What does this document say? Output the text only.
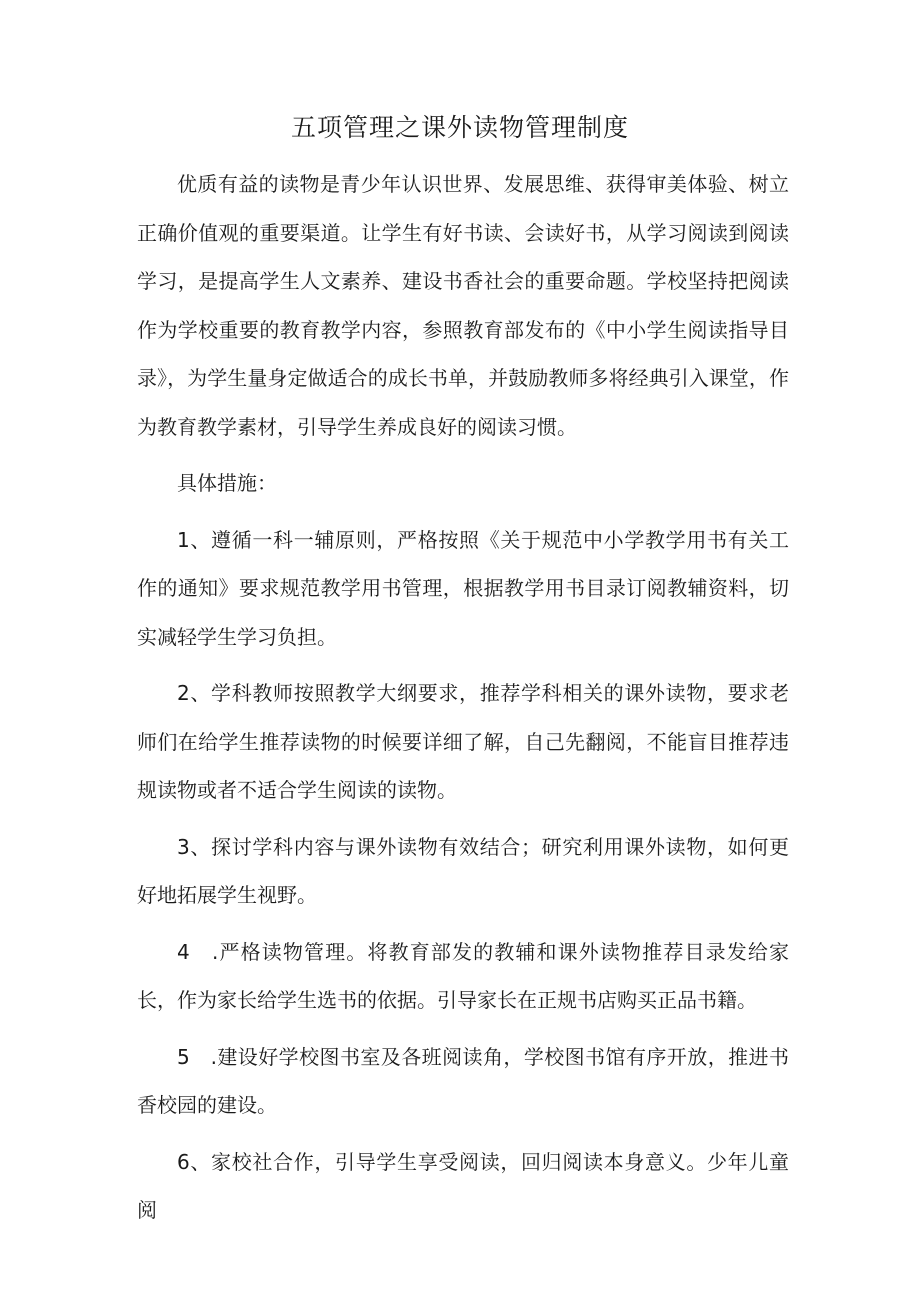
五项管理之课外读物管理制度

优质有益的读物是青少年认识世界、发展思维、获得审美体验、树立正确价值观的重要渠道。让学生有好书读、会读好书，从学习阅读到阅读学习，是提高学生人文素养、建设书香社会的重要命题。学校坚持把阅读作为学校重要的教育教学内容，参照教育部发布的《中小学生阅读指导目录》，为学生量身定做适合的成长书单，并鼓励教师多将经典引入课堂，作为教育教学素材，引导学生养成良好的阅读习惯。

具体措施：

1、遵循一科一辅原则，严格按照《关于规范中小学教学用书有关工作的通知》要求规范教学用书管理，根据教学用书目录订阅教辅资料，切实减轻学生学习负担。

2、学科教师按照教学大纲要求，推荐学科相关的课外读物，要求老师们在给学生推荐读物的时候要详细了解，自己先翻阅，不能盲目推荐违规读物或者不适合学生阅读的读物。

3、探讨学科内容与课外读物有效结合；研究利用课外读物，如何更好地拓展学生视野。

4　.严格读物管理。将教育部发的教辅和课外读物推荐目录发给家长，作为家长给学生选书的依据。引导家长在正规书店购买正品书籍。

5　.建设好学校图书室及各班阅读角，学校图书馆有序开放，推进书香校园的建设。

6、家校社合作，引导学生享受阅读，回归阅读本身意义。少年儿童阅
